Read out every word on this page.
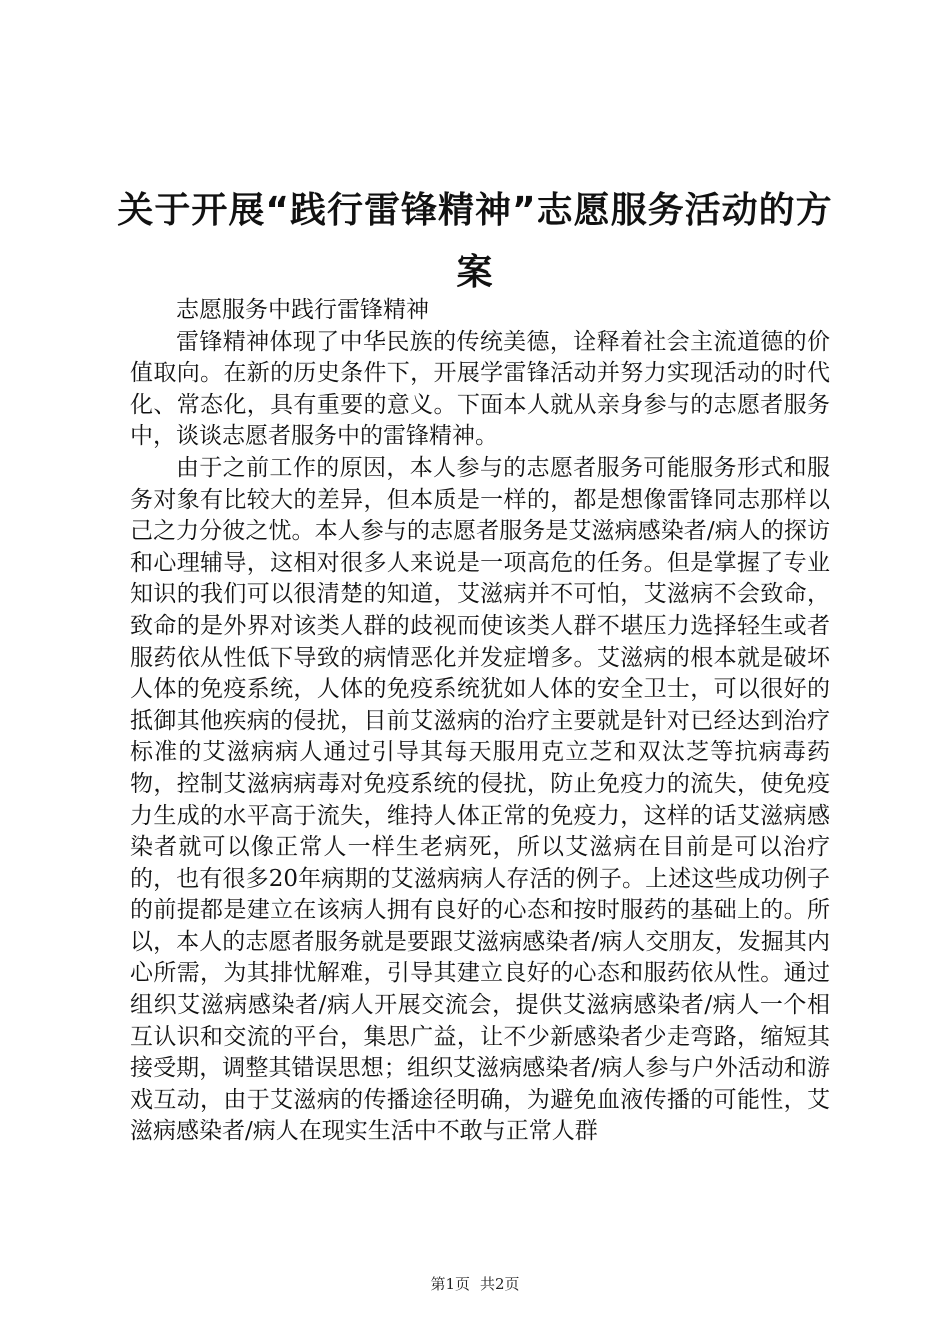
关于开展“践行雷锋精神”志愿服务活动的方案

志愿服务中践行雷锋精神

雷锋精神体现了中华民族的传统美德，诠释着社会主流道德的价值取向。在新的历史条件下，开展学雷锋活动并努力实现活动的时代化、常态化，具有重要的意义。下面本人就从亲身参与的志愿者服务中，谈谈志愿者服务中的雷锋精神。

由于之前工作的原因，本人参与的志愿者服务可能服务形式和服务对象有比较大的差异，但本质是一样的，都是想像雷锋同志那样以己之力分彼之忧。本人参与的志愿者服务是艾滋病感染者/病人的探访和心理辅导，这相对很多人来说是一项高危的任务。但是掌握了专业知识的我们可以很清楚的知道，艾滋病并不可怕，艾滋病不会致命，致命的是外界对该类人群的歧视而使该类人群不堪压力选择轻生或者服药依从性低下导致的病情恶化并发症增多。艾滋病的根本就是破坏人体的免疫系统，人体的免疫系统犹如人体的安全卫士，可以很好的抵御其他疾病的侵扰，目前艾滋病的治疗主要就是针对已经达到治疗标准的艾滋病病人通过引导其每天服用克立芝和双汰芝等抗病毒药物，控制艾滋病病毒对免疫系统的侵扰，防止免疫力的流失，使免疫力生成的水平高于流失，维持人体正常的免疫力，这样的话艾滋病感染者就可以像正常人一样生老病死，所以艾滋病在目前是可以治疗的，也有很多20年病期的艾滋病病人存活的例子。上述这些成功例子的前提都是建立在该病人拥有良好的心态和按时服药的基础上的。所以，本人的志愿者服务就是要跟艾滋病感染者/病人交朋友，发掘其内心所需，为其排忧解难，引导其建立良好的心态和服药依从性。通过组织艾滋病感染者/病人开展交流会，提供艾滋病感染者/病人一个相互认识和交流的平台，集思广益，让不少新感染者少走弯路，缩短其接受期，调整其错误思想；组织艾滋病感染者/病人参与户外活动和游戏互动，由于艾滋病的传播途径明确，为避免血液传播的可能性，艾滋病感染者/病人在现实生活中不敢与正常人群

第1页 共2页
